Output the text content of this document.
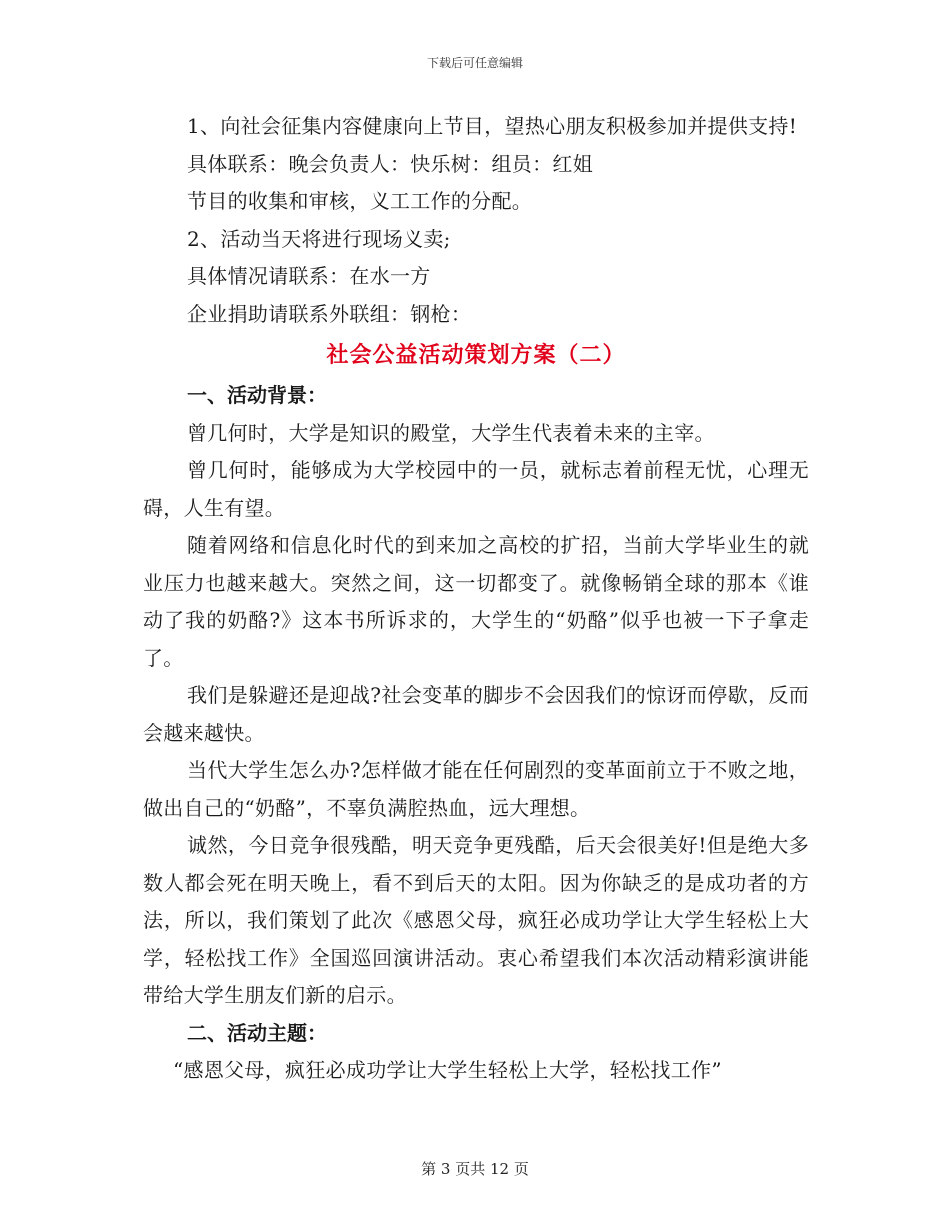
下载后可任意编辑

1、向社会征集内容健康向上节目，望热心朋友积极参加并提供支持!

具体联系：晚会负责人：快乐树：组员：红姐

节目的收集和审核，义工工作的分配。

2、活动当天将进行现场义卖;

具体情况请联系：在水一方

企业捐助请联系外联组：钢枪：

社会公益活动策划方案（二）

一、活动背景：

曾几何时，大学是知识的殿堂，大学生代表着未来的主宰。

曾几何时，能够成为大学校园中的一员，就标志着前程无忧，心理无碍，人生有望。

随着网络和信息化时代的到来加之高校的扩招，当前大学毕业生的就业压力也越来越大。突然之间，这一切都变了。就像畅销全球的那本《谁动了我的奶酪?》这本书所诉求的，大学生的“奶酪”似乎也被一下子拿走了。

我们是躲避还是迎战?社会变革的脚步不会因我们的惊讶而停歇，反而会越来越快。

当代大学生怎么办?怎样做才能在任何剧烈的变革面前立于不败之地，做出自己的“奶酪”，不辜负满腔热血，远大理想。

诚然，今日竞争很残酷，明天竞争更残酷，后天会很美好!但是绝大多数人都会死在明天晚上，看不到后天的太阳。因为你缺乏的是成功者的方法，所以，我们策划了此次《感恩父母，疯狂必成功学让大学生轻松上大学，轻松找工作》全国巡回演讲活动。衷心希望我们本次活动精彩演讲能带给大学生朋友们新的启示。

二、活动主题：

“感恩父母，疯狂必成功学让大学生轻松上大学，轻松找工作”

第 3 页共 12 页
